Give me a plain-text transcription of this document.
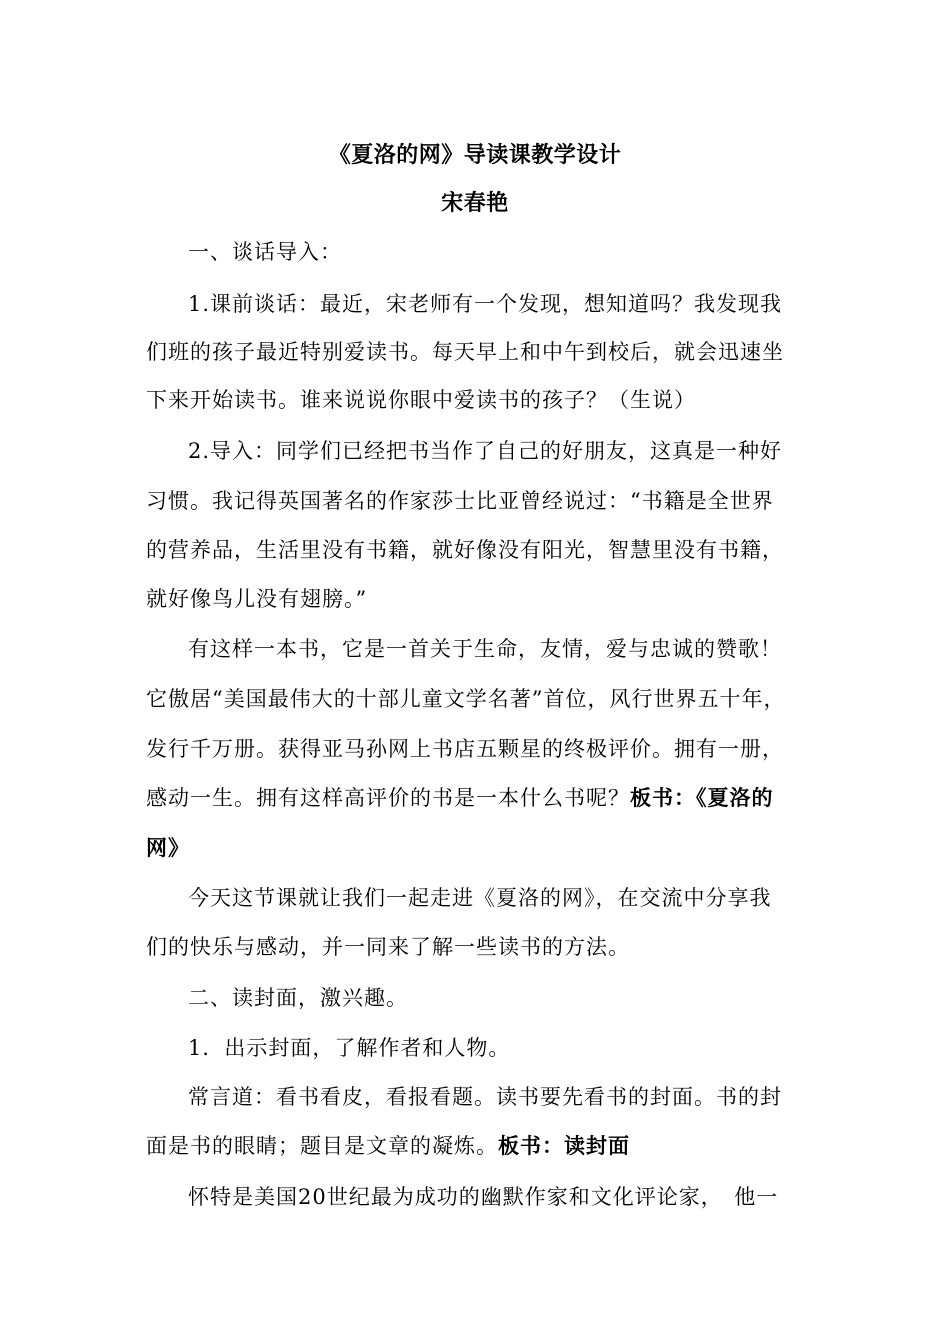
《夏洛的网》导读课教学设计
宋春艳
一、谈话导入：
1.课前谈话：最近，宋老师有一个发现，想知道吗？我发现我
们班的孩子最近特别爱读书。每天早上和中午到校后，就会迅速坐
下来开始读书。谁来说说你眼中爱读书的孩子？（生说）
2.导入：同学们已经把书当作了自己的好朋友，这真是一种好
习惯。我记得英国著名的作家莎士比亚曾经说过：“书籍是全世界
的营养品，生活里没有书籍，就好像没有阳光，智慧里没有书籍，
就好像鸟儿没有翅膀。”
有这样一本书，它是一首关于生命，友情，爱与忠诚的赞歌！
它傲居“美国最伟大的十部儿童文学名著”首位，风行世界五十年，
发行千万册。获得亚马孙网上书店五颗星的终极评价。拥有一册，
感动一生。拥有这样高评价的书是一本什么书呢？板书：《夏洛的
网》
今天这节课就让我们一起走进《夏洛的网》，在交流中分享我
们的快乐与感动，并一同来了解一些读书的方法。
二、读封面，激兴趣。
1．出示封面，了解作者和人物。
常言道：看书看皮，看报看题。读书要先看书的封面。书的封
面是书的眼睛；题目是文章的凝炼。板书：读封面
怀特是美国20世纪最为成功的幽默作家和文化评论家，　他一
